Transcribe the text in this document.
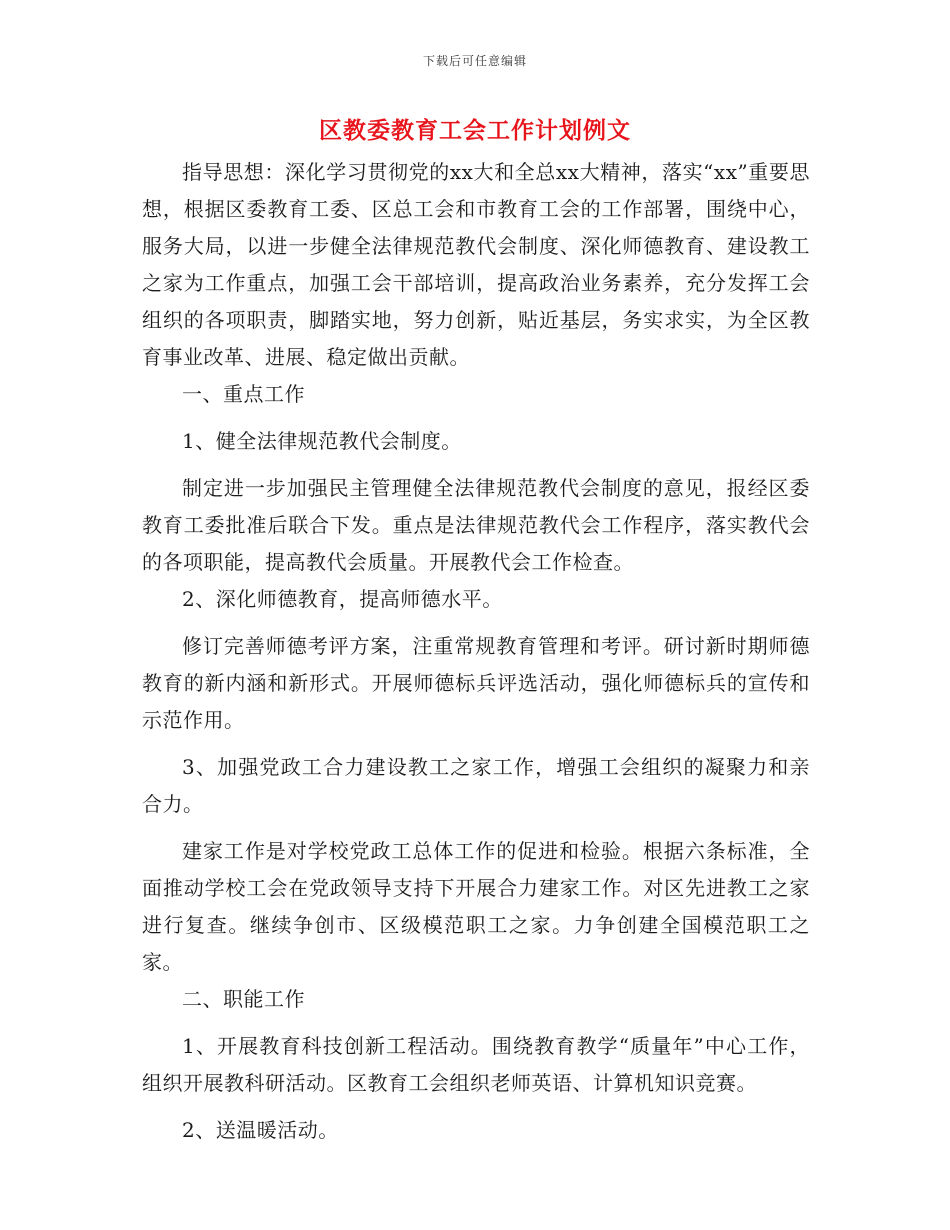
下载后可任意编辑
区教委教育工会工作计划例文

指导思想：深化学习贯彻党的xx大和全总xx大精神，落实“xx”重要思想，根据区委教育工委、区总工会和市教育工会的工作部署，围绕中心，服务大局，以进一步健全法律规范教代会制度、深化师德教育、建设教工之家为工作重点，加强工会干部培训，提高政治业务素养，充分发挥工会组织的各项职责，脚踏实地，努力创新，贴近基层，务实求实，为全区教育事业改革、进展、稳定做出贡献。

一、重点工作

1、健全法律规范教代会制度。

制定进一步加强民主管理健全法律规范教代会制度的意见，报经区委教育工委批准后联合下发。重点是法律规范教代会工作程序，落实教代会的各项职能，提高教代会质量。开展教代会工作检查。

2、深化师德教育，提高师德水平。

修订完善师德考评方案，注重常规教育管理和考评。研讨新时期师德教育的新内涵和新形式。开展师德标兵评选活动，强化师德标兵的宣传和示范作用。

3、加强党政工合力建设教工之家工作，增强工会组织的凝聚力和亲合力。

建家工作是对学校党政工总体工作的促进和检验。根据六条标准，全面推动学校工会在党政领导支持下开展合力建家工作。对区先进教工之家进行复查。继续争创市、区级模范职工之家。力争创建全国模范职工之家。

二、职能工作

1、开展教育科技创新工程活动。围绕教育教学“质量年”中心工作，组织开展教科研活动。区教育工会组织老师英语、计算机知识竞赛。

2、送温暖活动。
